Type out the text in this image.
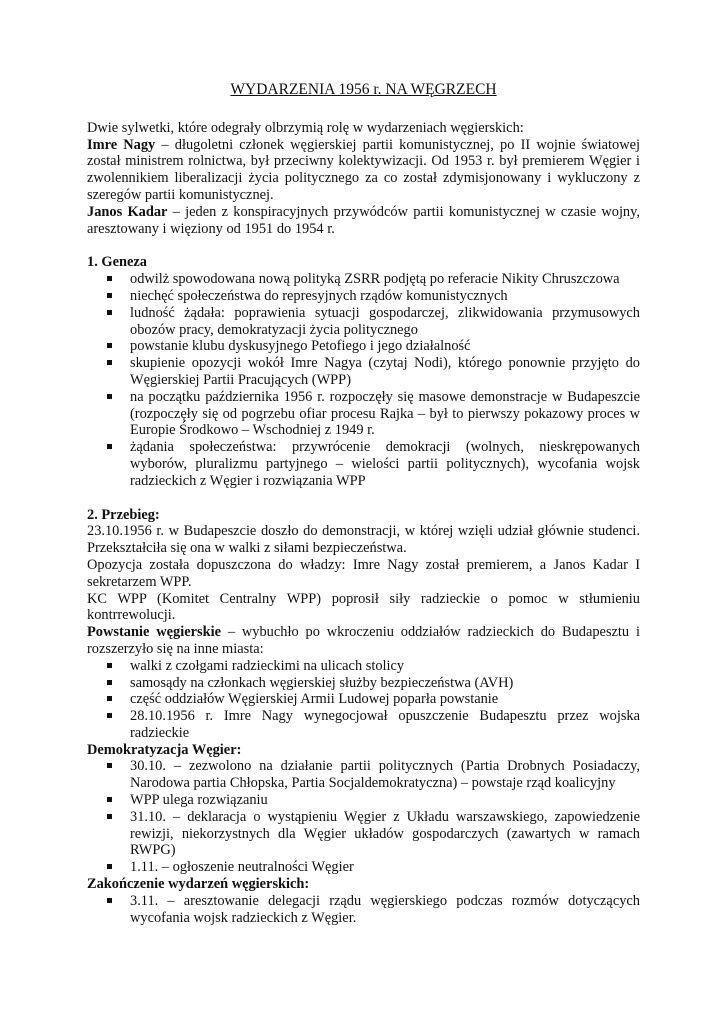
WYDARZENIA 1956 r. NA WĘGRZECH

Dwie sylwetki, które odegrały olbrzymią rolę w wydarzeniach węgierskich:

Imre Nagy – długoletni członek węgierskiej partii komunistycznej, po II wojnie światowej został ministrem rolnictwa, był przeciwny kolektywizacji. Od 1953 r. był premierem Węgier i zwolennikiem liberalizacji życia politycznego za co został zdymisjonowany i wykluczony z szeregów partii komunistycznej.

Janos Kadar – jeden z konspiracyjnych przywódców partii komunistycznej w czasie wojny, aresztowany i więziony od 1951 do 1954 r.

1. Geneza

odwilż spowodowana nową polityką ZSRR podjętą po referacie Nikity Chruszczowa
niechęć społeczeństwa do represyjnych rządów komunistycznych
ludność żądała: poprawienia sytuacji gospodarczej, zlikwidowania przymusowych obozów pracy, demokratyzacji życia politycznego
powstanie klubu dyskusyjnego Petofiego i jego działalność
skupienie opozycji wokół Imre Nagya (czytaj Nodi), którego ponownie przyjęto do Węgierskiej Partii Pracujących (WPP)
na początku października 1956 r. rozpoczęły się masowe demonstracje w Budapeszcie (rozpoczęły się od pogrzebu ofiar procesu Rajka – był to pierwszy pokazowy proces w Europie Środkowo – Wschodniej z 1949 r.
żądania społeczeństwa: przywrócenie demokracji (wolnych, nieskrępowanych wyborów, pluralizmu partyjnego – wielości partii politycznych), wycofania wojsk radzieckich z Węgier i rozwiązania WPP

2. Przebieg:

23.10.1956 r. w Budapeszcie doszło do demonstracji, w której wzięli udział głównie studenci. Przekształciła się ona w walki z siłami bezpieczeństwa.

Opozycja została dopuszczona do władzy: Imre Nagy został premierem, a Janos Kadar I sekretarzem WPP.

KC WPP (Komitet Centralny WPP) poprosił siły radzieckie o pomoc w stłumieniu kontrrewolucji.

Powstanie węgierskie – wybuchło po wkroczeniu oddziałów radzieckich do Budapesztu i rozszerzyło się na inne miasta:

walki z czołgami radzieckimi na ulicach stolicy
samosądy na członkach węgierskiej służby bezpieczeństwa (AVH)
część oddziałów Węgierskiej Armii Ludowej poparła powstanie
28.10.1956 r. Imre Nagy wynegocjował opuszczenie Budapesztu przez wojska radzieckie

Demokratyzacja Węgier:

30.10. – zezwolono na działanie partii politycznych (Partia Drobnych Posiadaczy, Narodowa partia Chłopska, Partia Socjaldemokratyczna) – powstaje rząd koalicyjny
WPP ulega rozwiązaniu
31.10. – deklaracja o wystąpieniu Węgier z Układu warszawskiego, zapowiedzenie rewizji, niekorzystnych dla Węgier układów gospodarczych (zawartych w ramach RWPG)
1.11. – ogłoszenie neutralności Węgier

Zakończenie wydarzeń węgierskich:

3.11. – aresztowanie delegacji rządu węgierskiego podczas rozmów dotyczących wycofania wojsk radzieckich z Węgier.
